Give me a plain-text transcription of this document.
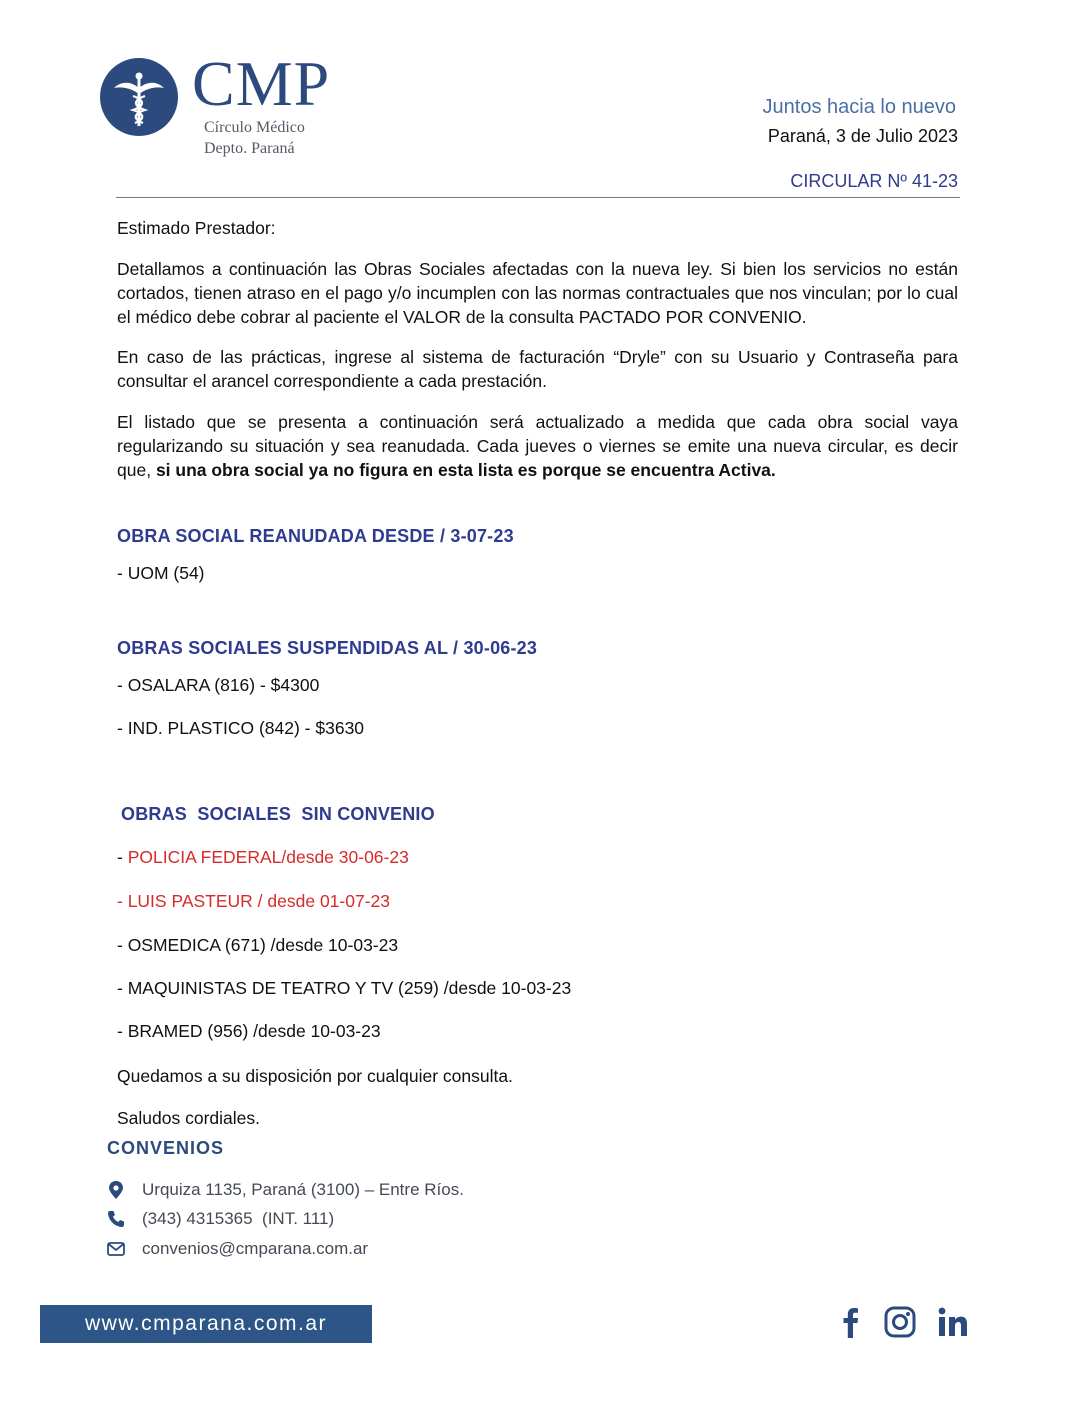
CMP
Círculo Médico
Depto. Paraná
Juntos hacia lo nuevo
Paraná, 3 de Julio 2023
CIRCULAR Nº 41-23
Estimado Prestador:
Detallamos a continuación las Obras Sociales afectadas con la nueva ley. Si bien los servicios no están cortados, tienen atraso en el pago y/o incumplen con las normas contractuales que nos vinculan; por lo cual el médico debe cobrar al paciente el VALOR de la consulta PACTADO POR CONVENIO.
En caso de las prácticas, ingrese al sistema de facturación “Dryle” con su Usuario y Contraseña para consultar el arancel correspondiente a cada prestación.
El listado que se presenta a continuación será actualizado a medida que cada obra social vaya regularizando su situación y sea reanudada. Cada jueves o viernes se emite una nueva circular, es decir que, si una obra social ya no figura en esta lista es porque se encuentra Activa.
OBRA SOCIAL REANUDADA DESDE / 3-07-23
- UOM (54)
OBRAS SOCIALES SUSPENDIDAS AL / 30-06-23
- OSALARA (816) - $4300
- IND. PLASTICO (842) - $3630
OBRAS  SOCIALES  SIN CONVENIO
- POLICIA FEDERAL/desde 30-06-23
- LUIS PASTEUR / desde 01-07-23
- OSMEDICA (671) /desde 10-03-23
- MAQUINISTAS DE TEATRO Y TV (259) /desde 10-03-23
- BRAMED (956) /desde 10-03-23
Quedamos a su disposición por cualquier consulta.
Saludos cordiales.
CONVENIOS
Urquiza 1135, Paraná (3100) – Entre Ríos.
(343) 4315365  (INT. 111)
convenios@cmparana.com.ar
www.cmparana.com.ar
